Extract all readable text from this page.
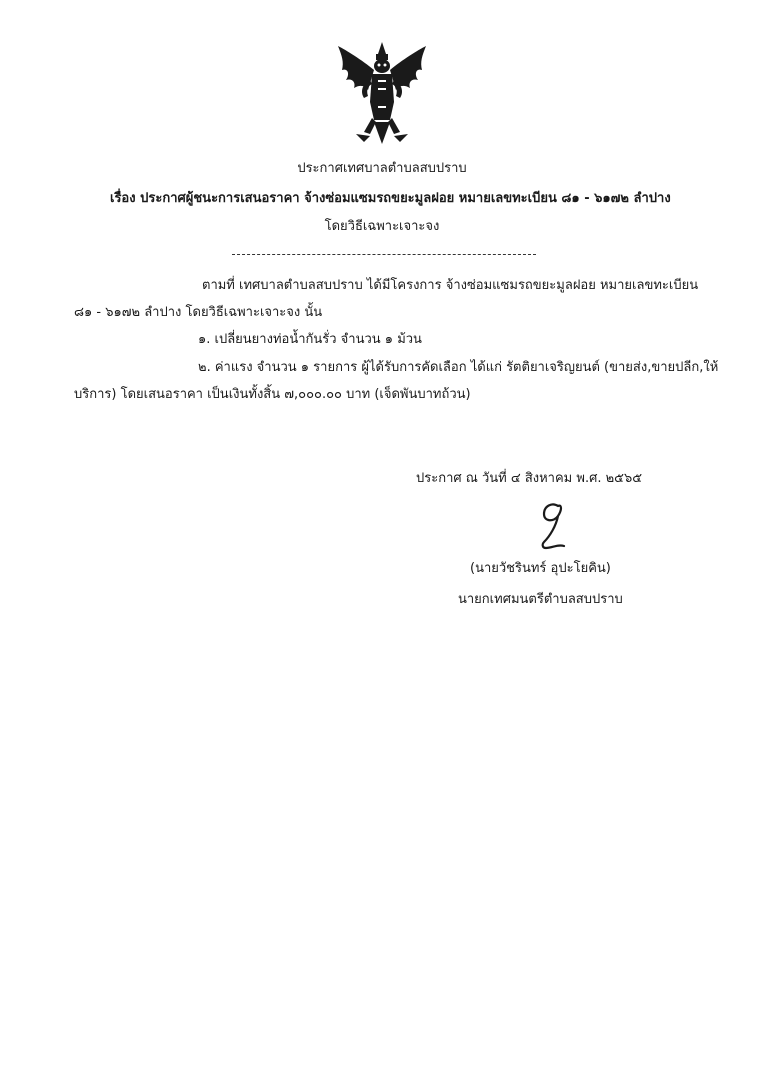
ประกาศเทศบาลตำบลสบปราบ
เรื่อง ประกาศผู้ชนะการเสนอราคา จ้างซ่อมแซมรถขยะมูลฝอย หมายเลขทะเบียน ๘๑ - ๖๑๗๒ ลำปาง
โดยวิธีเฉพาะเจาะจง
ตามที่ เทศบาลตำบลสบปราบ ได้มีโครงการ จ้างซ่อมแซมรถขยะมูลฝอย หมายเลขทะเบียน
๘๑ - ๖๑๗๒ ลำปาง โดยวิธีเฉพาะเจาะจง นั้น
๑. เปลี่ยนยางท่อน้ำกันรั่ว จำนวน ๑ ม้วน
๒. ค่าแรง จำนวน ๑ รายการ ผู้ได้รับการคัดเลือก ได้แก่ รัตติยาเจริญยนต์ (ขายส่ง,ขายปลีก,ให้
บริการ) โดยเสนอราคา เป็นเงินทั้งสิ้น ๗,๐๐๐.๐๐ บาท (เจ็ดพันบาทถ้วน)
ประกาศ ณ วันที่ ๔ สิงหาคม พ.ศ. ๒๕๖๕
(นายวัชรินทร์ อุปะโยคิน)
นายกเทศมนตรีตำบลสบปราบ
